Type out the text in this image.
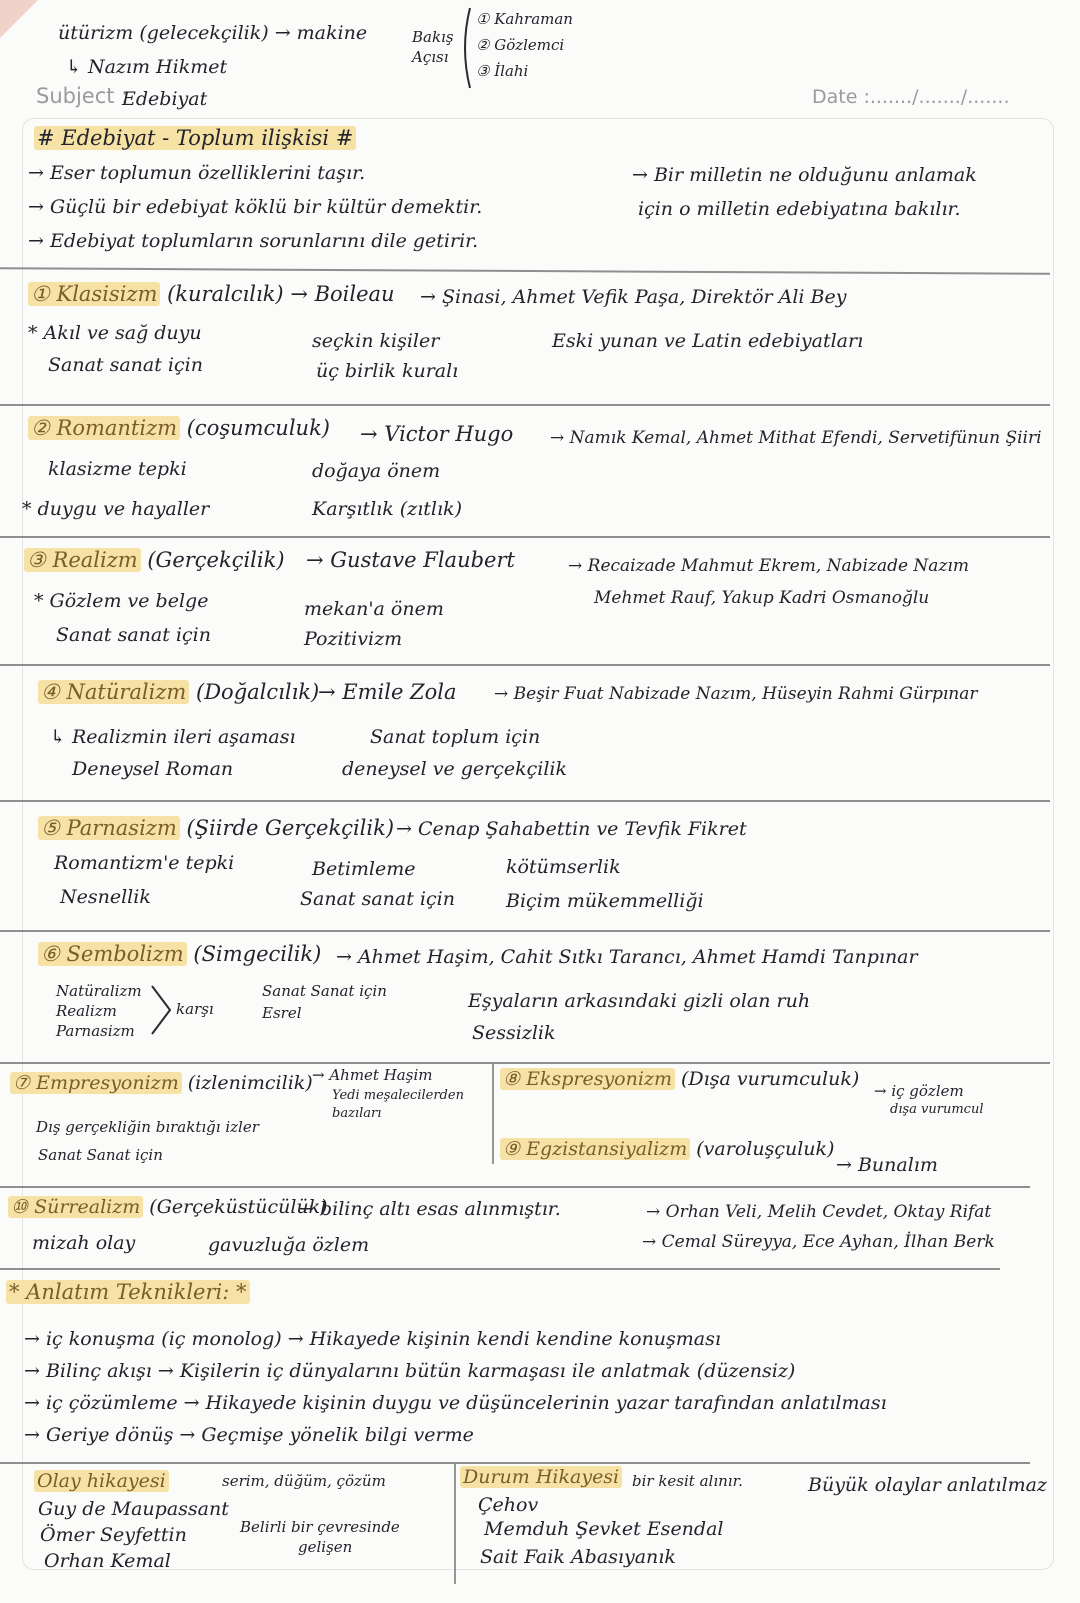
ütürizm (gelecekçilik) → makine
↳ Nazım Hikmet
Subject :
Edebiyat
Bakış
Açısı
① Kahraman
② Gözlemci
③ İlahi
Date :......./......./.......
# Edebiyat - Toplum ilişkisi #
→ Eser toplumun özelliklerini taşır.
→ Güçlü bir edebiyat köklü bir kültür demektir.
→ Edebiyat toplumların sorunlarını dile getirir.
→ Bir milletin ne olduğunu anlamak
için o milletin edebiyatına bakılır.
① Klasisizm (kuralcılık) → Boileau → Şinasi, Ahmet Vefik Paşa, Direktör Ali Bey
* Akıl ve sağ duyu
Sanat sanat için
seçkin kişiler
üç birlik kuralı
Eski yunan ve Latin edebiyatları
② Romantizm (coşumculuk) → Victor Hugo → Namık Kemal, Ahmet Mithat Efendi, Servetifünun Şiiri
klasizme tepki
* duygu ve hayaller
doğaya önem
Karşıtlık (zıtlık)
③ Realizm (Gerçekçilik) → Gustave Flaubert	→ Recaizade Mahmut Ekrem, Nabizade Nazım
Mehmet Rauf, Yakup Kadri Osmanoğlu
* Gözlem ve belge
Sanat sanat için
mekan'a önem
Pozitivizm
④ Natüralizm (Doğalcılık)
→ Emile Zola → Beşir Fuat Nabizade Nazım, Hüseyin Rahmi Gürpınar
↳ Realizmin ileri aşaması
Deneysel Roman
Sanat toplum için
deneysel ve gerçekçilik
⑤ Parnasizm (Şiirde Gerçekçilik) → Cenap Şahabettin ve Tevfik Fikret
Romantizm'e tepki
Nesnellik
Betimleme
Sanat sanat için
kötümserlik
Biçim mükemmelliği
⑥ Sembolizm (Simgecilik) → Ahmet Haşim, Cahit Sıtkı Tarancı, Ahmet Hamdi Tanpınar
Natüralizm
Realizm
Parnasizm
karşı
Sanat Sanat için
Esrel
Eşyaların arkasındaki gizli olan ruh
Sessizlik
⑦ Empresyonizm (izlenimcilik) → Ahmet Haşim
Yedi meşalecilerden
bazıları
Dış gerçekliğin bıraktığı izler
Sanat Sanat için
⑧ Ekspresyonizm (Dışa vurumculuk)
→ iç gözlem
dışa vurumcul
⑨ Egzistansiyalizm (varoluşçuluk)
→ Bunalım
⑩ Sürrealizm (Gerçeküstücülük)
→ bilinç altı esas alınmıştır.
mizah olay	gavuzluğa özlem
→ Orhan Veli, Melih Cevdet, Oktay Rifat
→ Cemal Süreyya, Ece Ayhan, İlhan Berk
* Anlatım Teknikleri: *
→ iç konuşma (iç monolog) → Hikayede kişinin kendi kendine konuşması
→ Bilinç akışı → Kişilerin iç dünyalarını bütün karmaşası ile anlatmak (düzensiz)
→ iç çözümleme → Hikayede kişinin duygu ve düşüncelerinin yazar tarafından anlatılması
→ Geriye dönüş → Geçmişe yönelik bilgi verme
Olay hikayesi	serim, düğüm, çözüm
Guy de Maupassant
Ömer Seyfettin
Orhan Kemal
Belirli bir çevresinde
gelişen
Durum Hikayesi bir kesit alınır.	Büyük olaylar anlatılmaz
Çehov
Memduh Şevket Esendal
Sait Faik Abasıyanık
